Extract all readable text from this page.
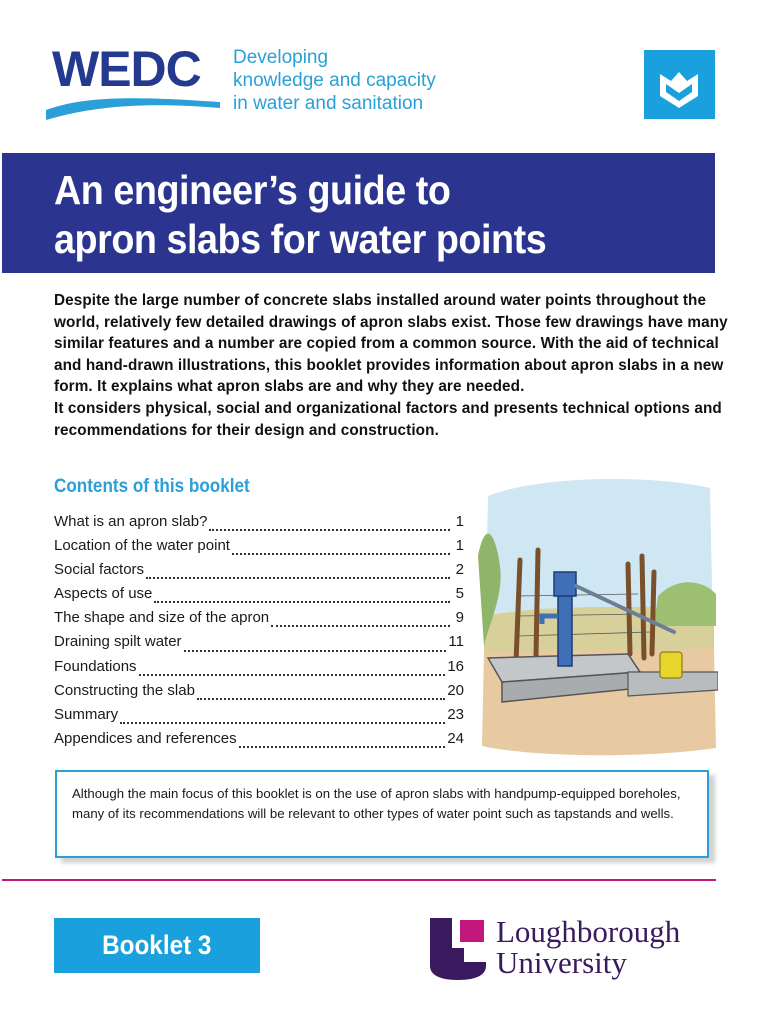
WEDC Developing
knowledge and capacity
in water and sanitation
An engineer’s guide to
apron slabs for water points

Despite the large number of concrete slabs installed around water points throughout the world, relatively few detailed drawings of apron slabs exist. Those few drawings have many similar features and a number are copied from a common source. With the aid of technical and hand-drawn illustrations, this booklet provides information about apron slabs in a new form. It explains what apron slabs are and why they are needed.

It considers physical, social and organizational factors and presents technical options and recommendations for their design and construction.

Contents of this booklet
What is an apron slab?	1
Location of the water point	1
Social factors	2
Aspects of use	5
The shape and size of the apron	9
Draining spilt water	11
Foundations	16
Constructing the slab	20
Summary	23
Appendices and references	24
Although the main focus of this booklet is on the use of apron slabs with handpump-equipped boreholes, many of its recommendations will be relevant to other types of water point such as tapstands and wells.
Booklet 3	Loughborough
University
